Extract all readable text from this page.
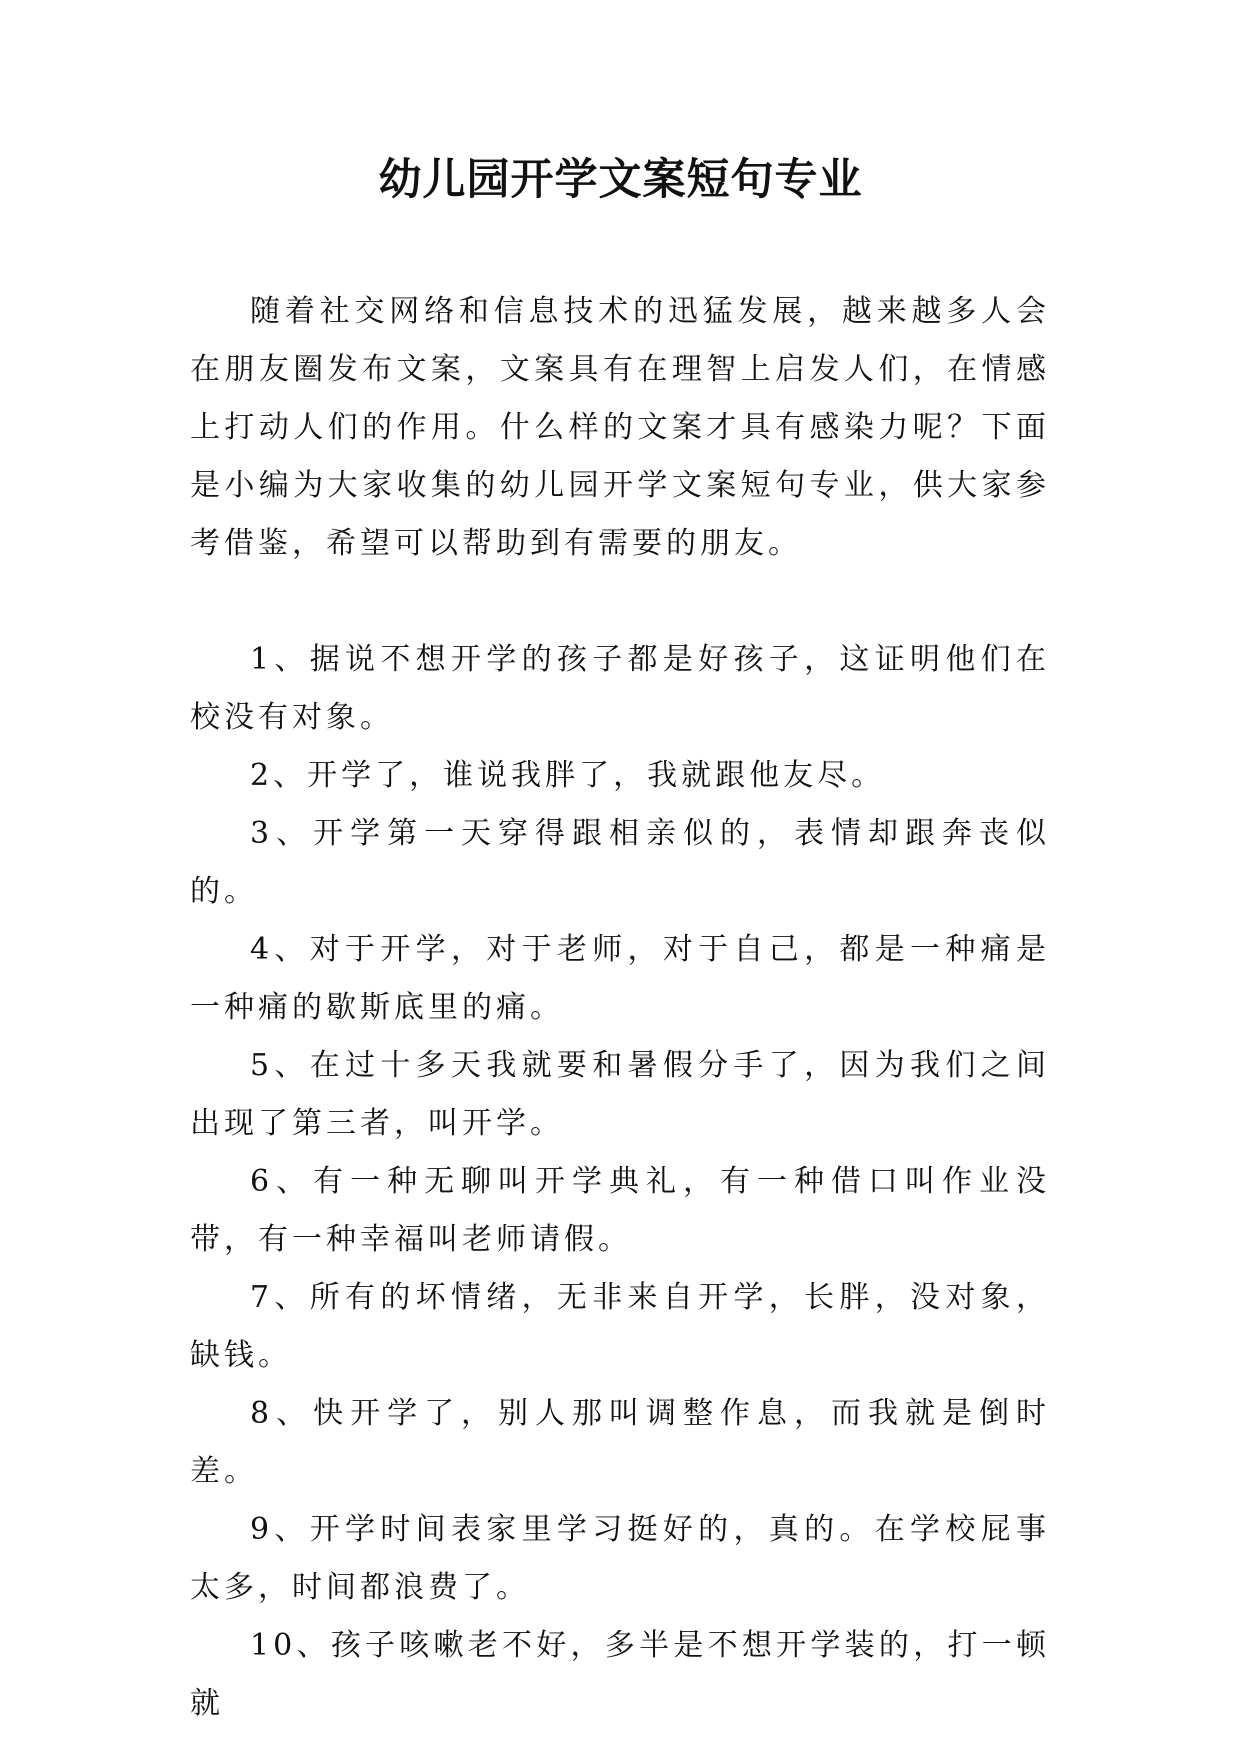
幼儿园开学文案短句专业

随着社交网络和信息技术的迅猛发展，越来越多人会在朋友圈发布文案，文案具有在理智上启发人们，在情感上打动人们的作用。什么样的文案才具有感染力呢？下面是小编为大家收集的幼儿园开学文案短句专业，供大家参考借鉴，希望可以帮助到有需要的朋友。

1、据说不想开学的孩子都是好孩子，这证明他们在校没有对象。

2、开学了，谁说我胖了，我就跟他友尽。

3、开学第一天穿得跟相亲似的，表情却跟奔丧似的。

4、对于开学，对于老师，对于自己，都是一种痛是一种痛的歇斯底里的痛。

5、在过十多天我就要和暑假分手了，因为我们之间出现了第三者，叫开学。

6、有一种无聊叫开学典礼，有一种借口叫作业没带，有一种幸福叫老师请假。

7、所有的坏情绪，无非来自开学，长胖，没对象，缺钱。

8、快开学了，别人那叫调整作息，而我就是倒时差。

9、开学时间表家里学习挺好的，真的。在学校屁事太多，时间都浪费了。

10、孩子咳嗽老不好，多半是不想开学装的，打一顿就
